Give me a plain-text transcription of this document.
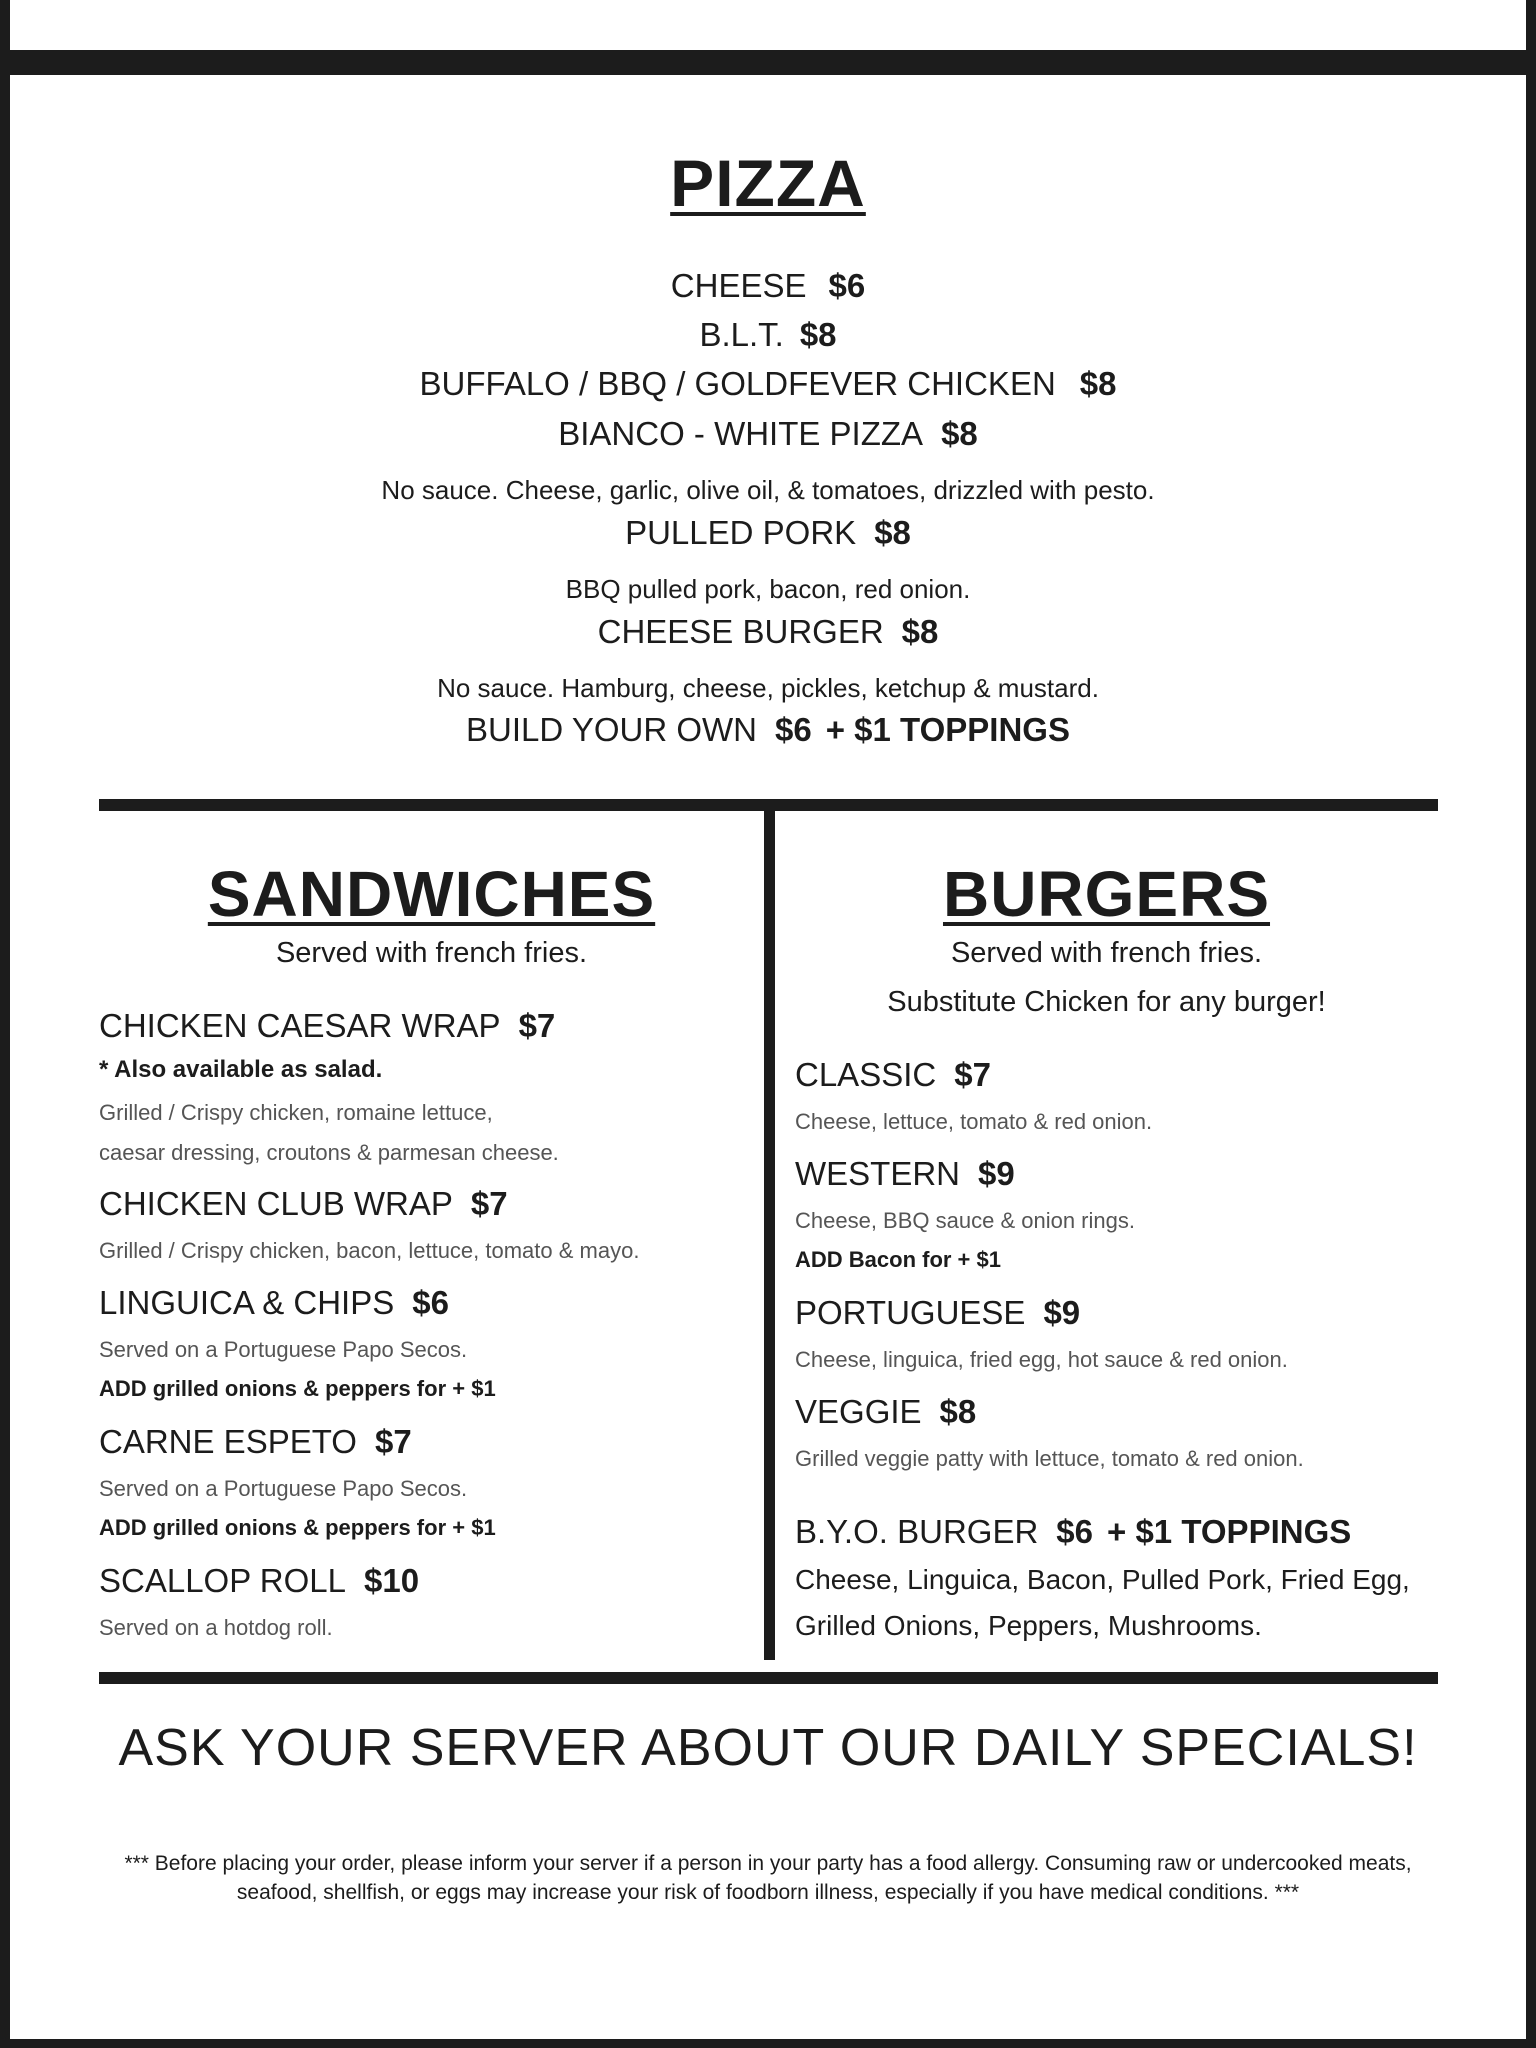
PIZZA
CHEESE $6
B.L.T. $8
BUFFALO / BBQ / GOLDFEVER CHICKEN $8
BIANCO - WHITE PIZZA $8
No sauce. Cheese, garlic, olive oil, & tomatoes, drizzled with pesto.
PULLED PORK $8
BBQ pulled pork, bacon, red onion.
CHEESE BURGER $8
No sauce. Hamburg, cheese, pickles, ketchup & mustard.
BUILD YOUR OWN $6 + $1 TOPPINGS
SANDWICHES
Served with french fries.
CHICKEN CAESAR WRAP $7
* Also available as salad.
Grilled / Crispy chicken, romaine lettuce,
caesar dressing, croutons & parmesan cheese.
CHICKEN CLUB WRAP $7
Grilled / Crispy chicken, bacon, lettuce, tomato & mayo.
LINGUICA & CHIPS $6
Served on a Portuguese Papo Secos.
ADD grilled onions & peppers for + $1
CARNE ESPETO $7
Served on a Portuguese Papo Secos.
ADD grilled onions & peppers for + $1
SCALLOP ROLL $10
Served on a hotdog roll.
BURGERS
Served with french fries.
Substitute Chicken for any burger!
CLASSIC $7
Cheese, lettuce, tomato & red onion.
WESTERN $9
Cheese, BBQ sauce & onion rings.
ADD Bacon for + $1
PORTUGUESE $9
Cheese, linguica, fried egg, hot sauce & red onion.
VEGGIE $8
Grilled veggie patty with lettuce, tomato & red onion.
B.Y.O. BURGER $6 + $1 TOPPINGS
Cheese, Linguica, Bacon, Pulled Pork, Fried Egg,
Grilled Onions, Peppers, Mushrooms.
ASK YOUR SERVER ABOUT OUR DAILY SPECIALS!
*** Before placing your order, please inform your server if a person in your party has a food allergy. Consuming raw or undercooked meats,
seafood, shellfish, or eggs may increase your risk of foodborn illness, especially if you have medical conditions. ***
